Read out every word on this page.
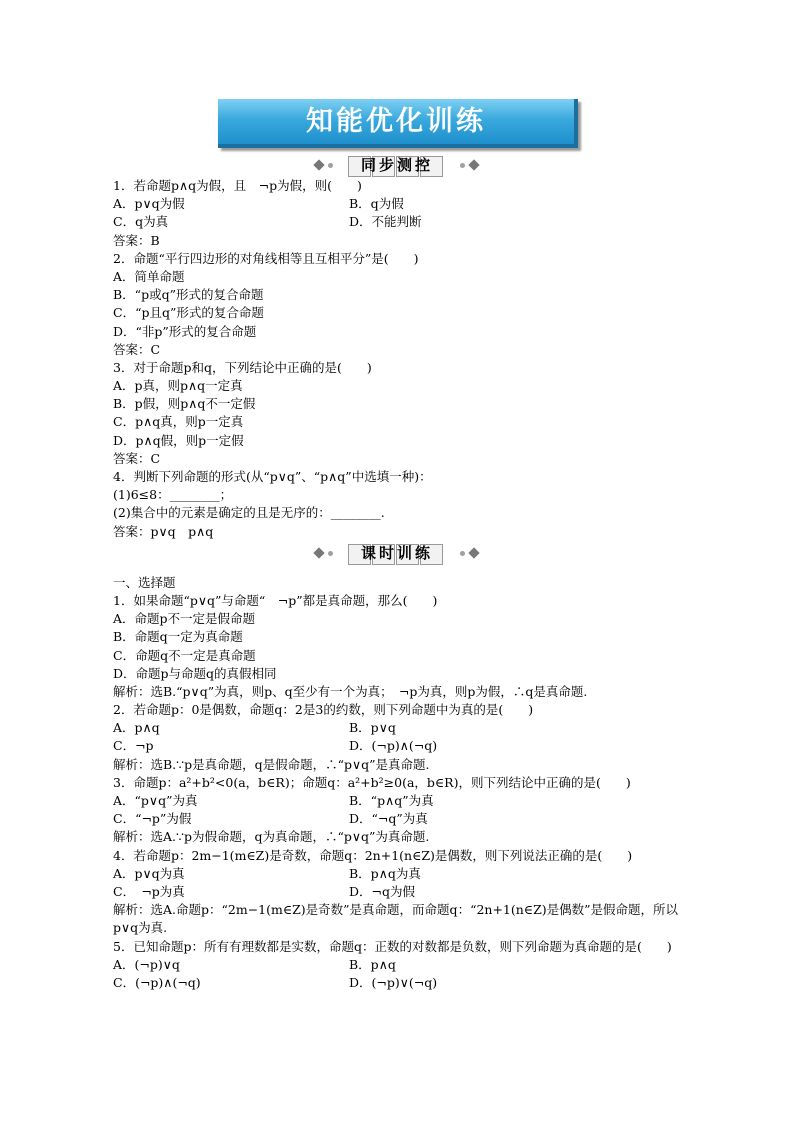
知能优化训练
同步测控
课时训练
1．若命题p∧q为假，且　¬p为假，则(　　)
A．p∨q为假	B．q为假
C．q为真	D．不能判断
答案：B
2．命题“平行四边形的对角线相等且互相平分”是(　　)
A．简单命题
B．“p或q”形式的复合命题
C．“p且q”形式的复合命题
D．“非p”形式的复合命题
答案：C
3．对于命题p和q，下列结论中正确的是(　　)
A．p真，则p∧q一定真
B．p假，则p∧q不一定假
C．p∧q真，则p一定真
D．p∧q假，则p一定假
答案：C
4．判断下列命题的形式(从“p∨q”、“p∧q”中选填一种)：
(1)6≤8：________；
(2)集合中的元素是确定的且是无序的：________.
答案：p∨q　p∧q
一、选择题
1．如果命题“p∨q”与命题“　¬p”都是真命题，那么(　　)
A．命题p不一定是假命题
B．命题q一定为真命题
C．命题q不一定是真命题
D．命题p与命题q的真假相同
解析：选B.“p∨q”为真，则p、q至少有一个为真；　¬p为真，则p为假，∴q是真命题.
2．若命题p：0是偶数，命题q：2是3的约数，则下列命题中为真的是(　　)
A．p∧q	B．p∨q
C．¬p	D．(¬p)∧(¬q)
解析：选B.∵p是真命题，q是假命题，∴“p∨q”是真命题.
3．命题p：a²+b²<0(a，b∈R)；命题q：a²+b²≥0(a，b∈R)，则下列结论中正确的是(　　)
A．“p∨q”为真	B．“p∧q”为真
C．“¬p”为假	D．“¬q”为真
解析：选A.∵p为假命题，q为真命题，∴“p∨q”为真命题.
4．若命题p：2m−1(m∈Z)是奇数，命题q：2n+1(n∈Z)是偶数，则下列说法正确的是(　　)
A．p∨q为真	B．p∧q为真
C．　¬p为真	D．¬q为假
解析：选A.命题p：“2m−1(m∈Z)是奇数”是真命题，而命题q：“2n+1(n∈Z)是偶数”是假命题，所以p∨q为真.
5．已知命题p：所有有理数都是实数，命题q：正数的对数都是负数，则下列命题为真命题的是(　　)
A．(¬p)∨q	B．p∧q
C．(¬p)∧(¬q)	D．(¬p)∨(¬q)
